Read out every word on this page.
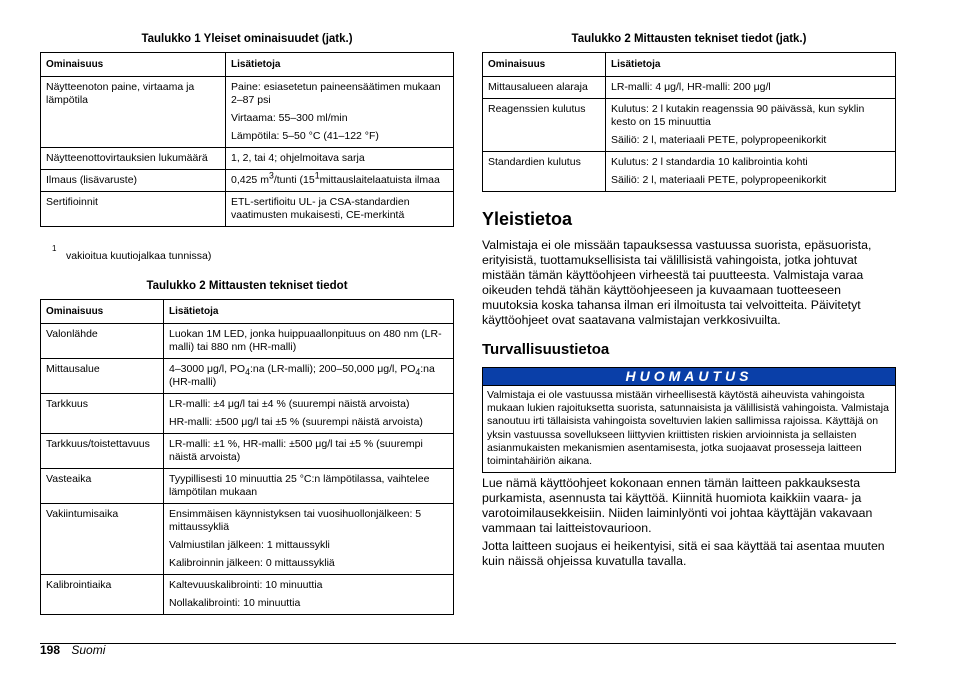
Taulukko 1 Yleiset ominaisuudet (jatk.)
Ominaisuus	Lisätietoja
Näytteenoton paine, virtaama ja lämpötila	Paine: esiasetetun paineensäätimen mukaan 2–87 psi

Virtaama: 55–300 ml/min

Lämpötila: 5–50 °C (41–122 °F)

Näytteenottovirtauksien lukumäärä	1, 2, tai 4; ohjelmoitava sarja

Ilmaus (lisävaruste)	0,425 $m^3$/tunti ($15^1mittauslaitelaatuista$ ilmaa
Sertifioinnit	ETL-sertifioitu UL- ja CSA-standardien vaatimusten mukaisesti, CE-merkintä

$^1$
vakioitua kuutiojalkaa tunnissa)
Taulukko 2 Mittausten tekniset tiedot
Ominaisuus	Lisätietoja
Valonlähde	Luokan 1M LED, jonka huippuaallonpituus on 480 nm (LR-malli) tai 880 nm (HR-malli)

Mittausalue	4–3000 μg/l, $PO_4:na$ (LR-malli); 200–50,000 μg/l, $PO_4:na$ (HR-malli)
Tarkkuus	LR-malli: ±4 μg/l tai ±4 % (suurempi näistä arvoista)

HR-malli: ±500 μg/l tai ±5 % (suurempi näistä arvoista)

Tarkkuus/toistettavuus	LR-malli: ±1 %, HR-malli: ±500 μg/l tai ±5 % (suurempi näistä arvoista)

Vasteaika	Tyypillisesti 10 minuuttia 25 °C:n lämpötilassa, vaihtelee lämpötilan mukaan

Vakiintumisaika	Ensimmäisen käynnistyksen tai vuosihuollonjälkeen: 5 mittaussykliä

Valmiustilan jälkeen: 1 mittaussykli

Kalibroinnin jälkeen: 0 mittaussykliä

Kalibrointiaika	Kaltevuuskalibrointi: 10 minuuttia

Nollakalibrointi: 10 minuuttia

Taulukko 2 Mittausten tekniset tiedot (jatk.)
Ominaisuus	Lisätietoja
Mittausalueen alaraja	LR-malli: 4 μg/l, HR-malli: 200 μg/l

Reagenssien kulutus	Kulutus: 2 l kutakin reagenssia 90 päivässä, kun syklin kesto on 15 minuuttia

Säiliö: 2 l, materiaali PETE, polypropeenikorkit

Standardien kulutus	Kulutus: 2 l standardia 10 kalibrointia kohti

Säiliö: 2 l, materiaali PETE, polypropeenikorkit

Yleistietoa

Valmistaja ei ole missään tapauksessa vastuussa suorista, epäsuorista, erityisistä, tuottamuksellisista tai välillisistä vahingoista, jotka johtuvat mistään tämän käyttöohjeen virheestä tai puutteesta. Valmistaja varaa oikeuden tehdä tähän käyttöohjeeseen ja kuvaamaan tuotteeseen muutoksia koska tahansa ilman eri ilmoitusta tai velvoitteita. Päivitetyt käyttöohjeet ovat saatavana valmistajan verkkosivuilta.

Turvallisuustietoa
HUOMAUTUS
Valmistaja ei ole vastuussa mistään virheellisestä käytöstä aiheuvista vahingoista mukaan lukien rajoituksetta suorista, satunnaisista ja välillisistä vahingoista. Valmistaja sanoutuu irti tällaisista vahingoista soveltuvien lakien sallimissa rajoissa. Käyttäjä on yksin vastuussa sovellukseen liittyvien kriittisten riskien arvioinnista ja sellaisten asianmukaisten mekanismien asentamisesta, jotka suojaavat prosesseja laitteen toimintahäiriön aikana.

Lue nämä käyttöohjeet kokonaan ennen tämän laitteen pakkauksesta purkamista, asennusta tai käyttöä. Kiinnitä huomiota kaikkiin vaara- ja varotoimilausekkeisiin. Niiden laiminlyönti voi johtaa käyttäjän vakavaan vammaan tai laitteistovaurioon.

Jotta laitteen suojaus ei heikentyisi, sitä ei saa käyttää tai asentaa muuten kuin näissä ohjeissa kuvatulla tavalla.

198 Suomi
